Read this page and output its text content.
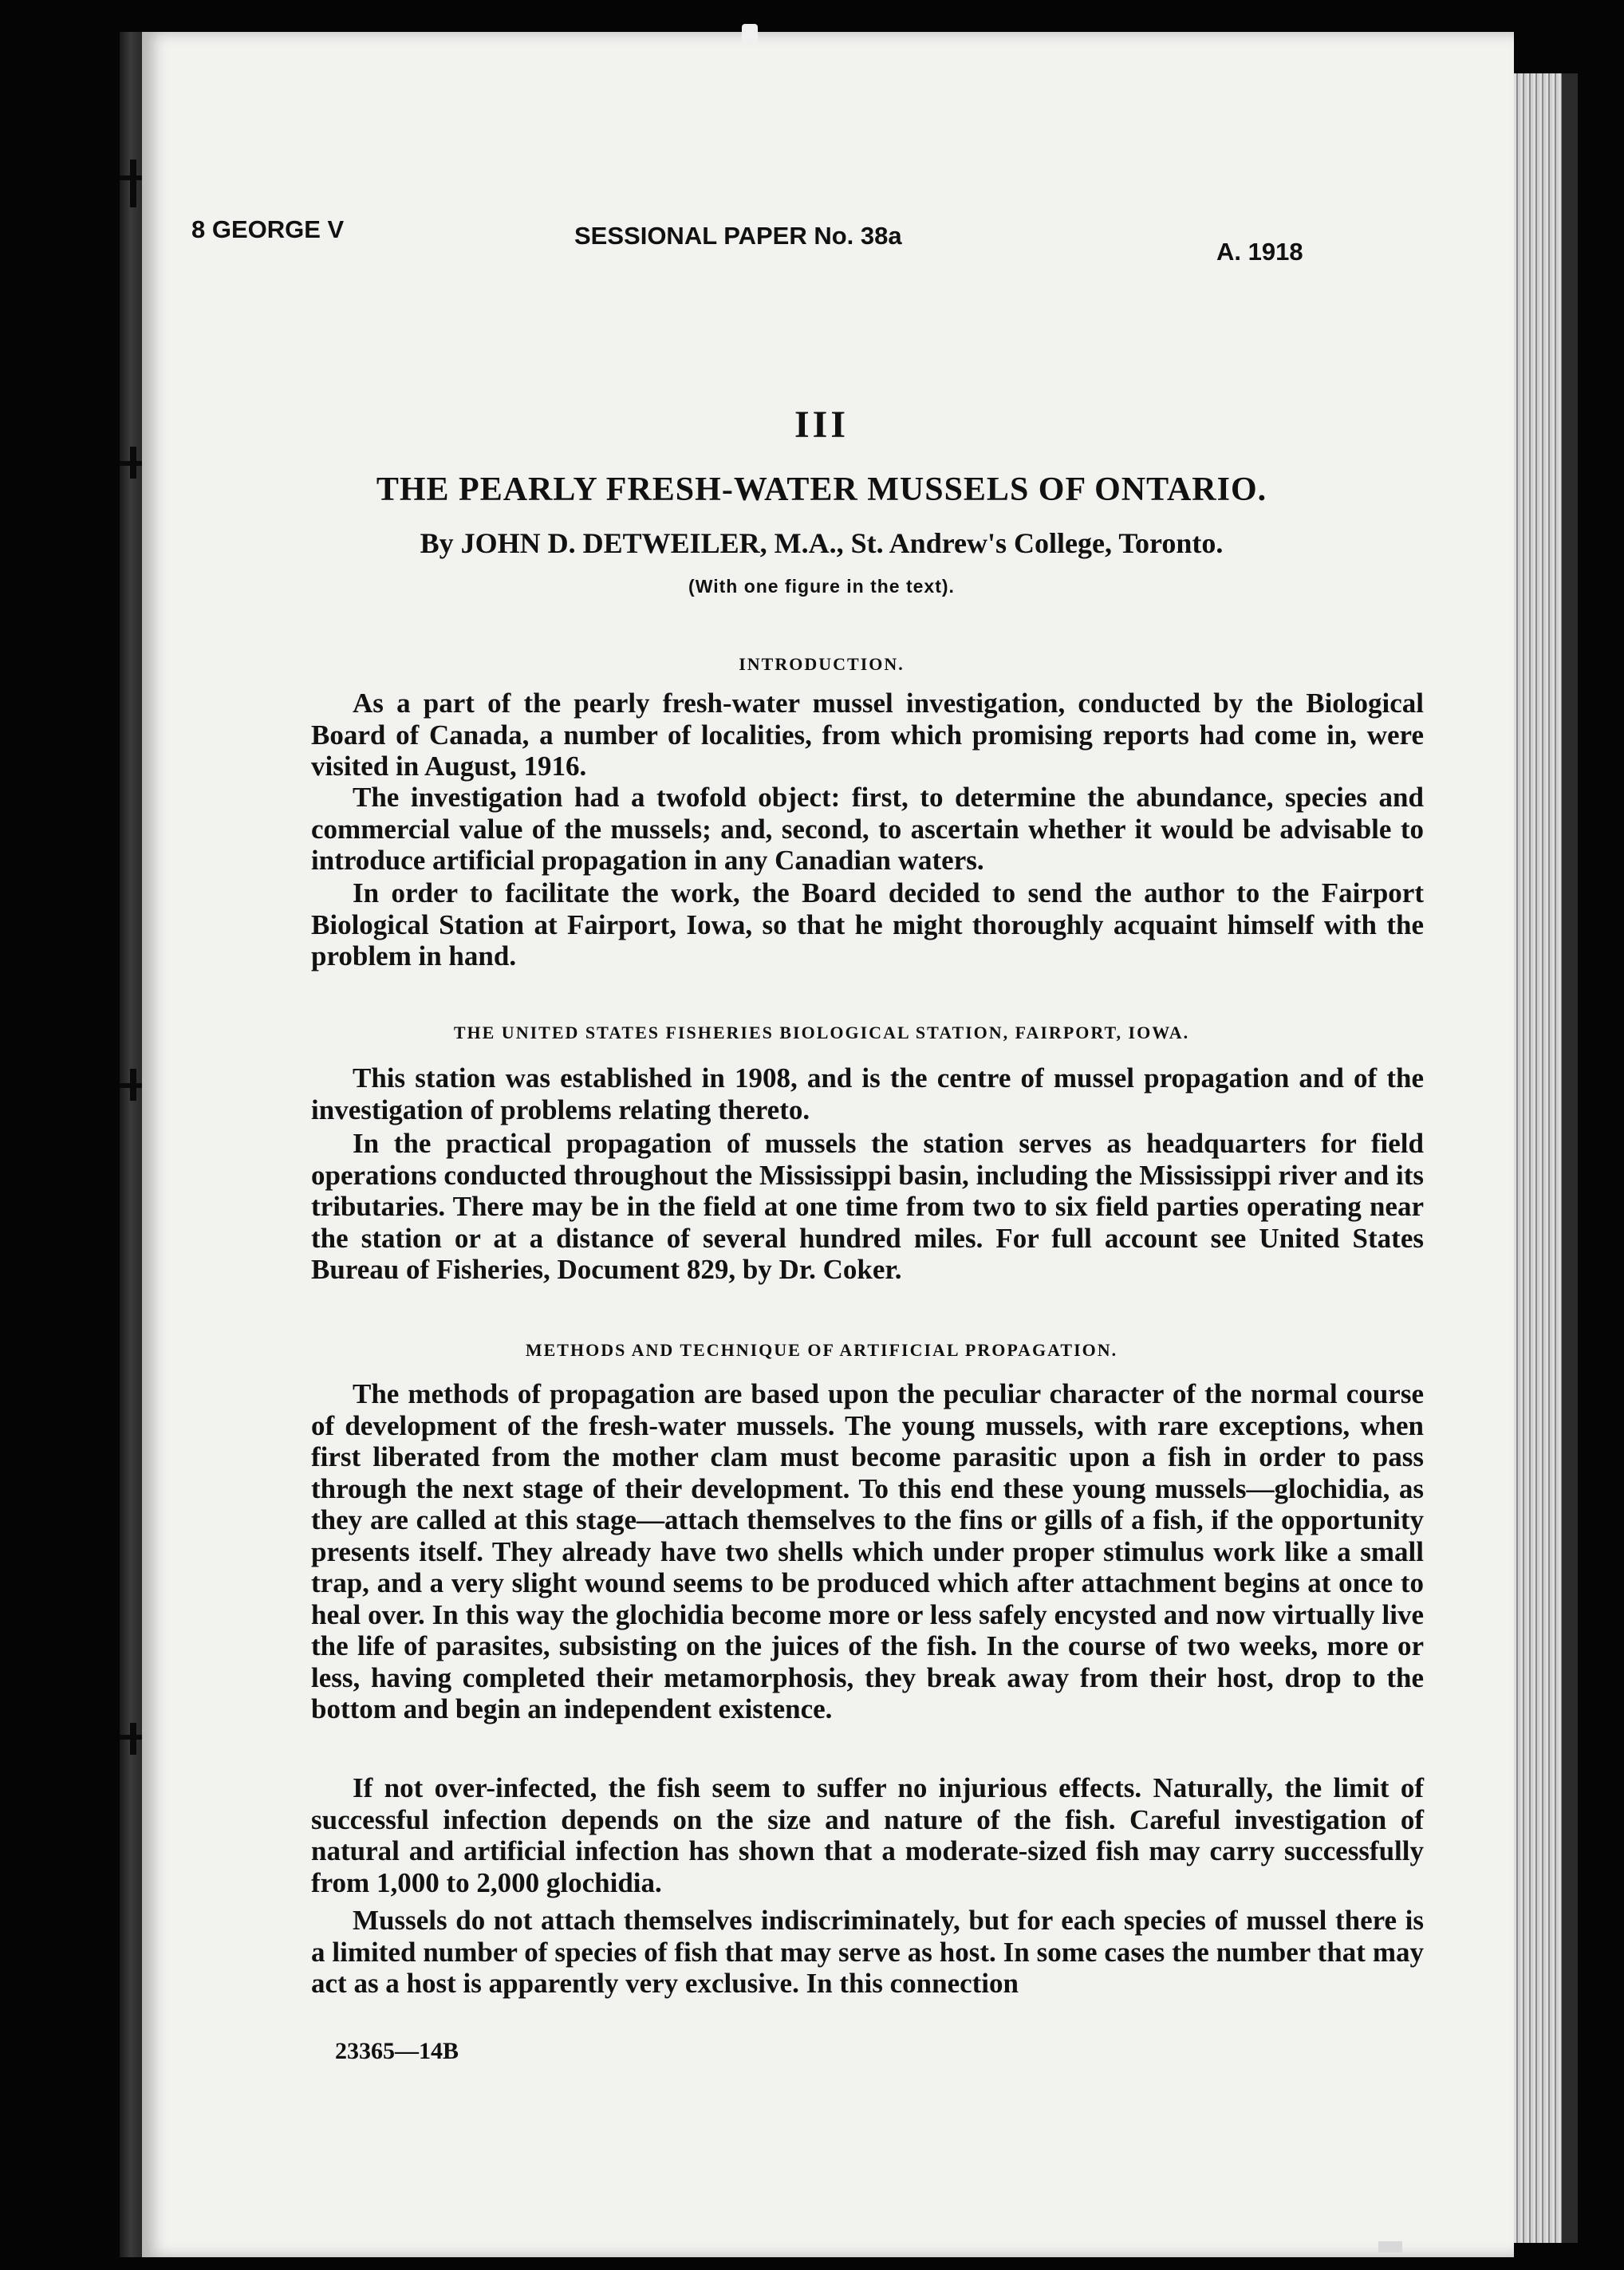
8 GEORGE V	SESSIONAL PAPER No. 38a
A. 1918
III
THE PEARLY FRESH-WATER MUSSELS OF ONTARIO.
By JOHN D. DETWEILER, M.A., St. Andrew's College, Toronto.
(With one figure in the text).
INTRODUCTION.
As a part of the pearly fresh-water mussel investigation, conducted by the Biological Board of Canada, a number of localities, from which promising reports had come in, were visited in August, 1916.
The investigation had a twofold object: first, to determine the abundance, species and commercial value of the mussels; and, second, to ascertain whether it would be advisable to introduce artificial propagation in any Canadian waters.
In order to facilitate the work, the Board decided to send the author to the Fairport Biological Station at Fairport, Iowa, so that he might thoroughly acquaint himself with the problem in hand.
THE UNITED STATES FISHERIES BIOLOGICAL STATION, FAIRPORT, IOWA.
This station was established in 1908, and is the centre of mussel propagation and of the investigation of problems relating thereto.
In the practical propagation of mussels the station serves as headquarters for field operations conducted throughout the Mississippi basin, including the Mississippi river and its tributaries. There may be in the field at one time from two to six field parties operating near the station or at a distance of several hundred miles. For full account see United States Bureau of Fisheries, Document 829, by Dr. Coker.
METHODS AND TECHNIQUE OF ARTIFICIAL PROPAGATION.
The methods of propagation are based upon the peculiar character of the normal course of development of the fresh-water mussels. The young mussels, with rare exceptions, when first liberated from the mother clam must become parasitic upon a fish in order to pass through the next stage of their development. To this end these young mussels—glochidia, as they are called at this stage—attach themselves to the fins or gills of a fish, if the opportunity presents itself. They already have two shells which under proper stimulus work like a small trap, and a very slight wound seems to be produced which after attachment begins at once to heal over. In this way the glochidia become more or less safely encysted and now virtually live the life of parasites, subsisting on the juices of the fish. In the course of two weeks, more or less, having completed their metamorphosis, they break away from their host, drop to the bottom and begin an independent existence.
If not over-infected, the fish seem to suffer no injurious effects. Naturally, the limit of successful infection depends on the size and nature of the fish. Careful investigation of natural and artificial infection has shown that a moderate-sized fish may carry successfully from 1,000 to 2,000 glochidia.
Mussels do not attach themselves indiscriminately, but for each species of mussel there is a limited number of species of fish that may serve as host. In some cases the number that may act as a host is apparently very exclusive. In this connection
23365—14B
